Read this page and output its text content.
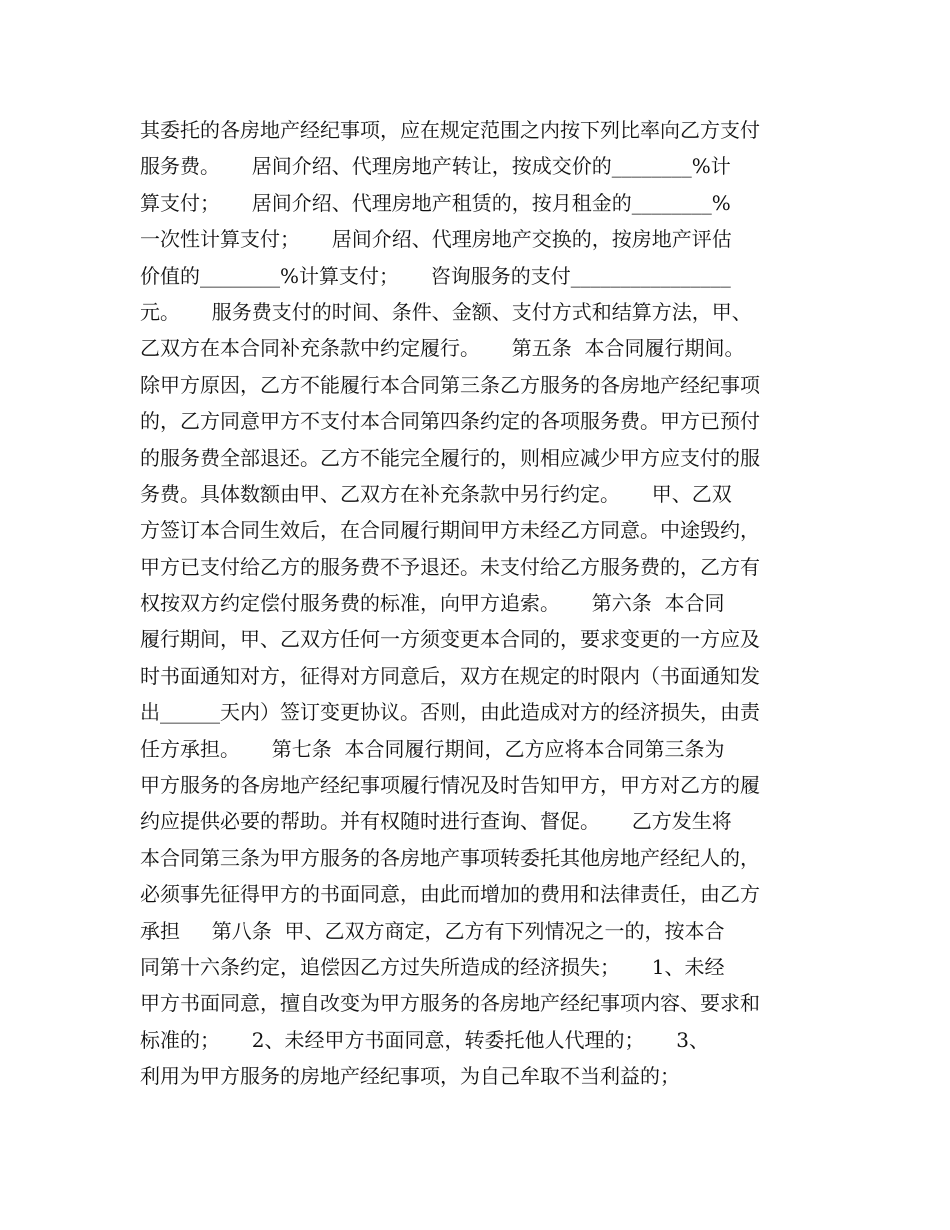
其委托的各房地产经纪事项，应在规定范围之内按下列比率向乙方支付
服务费。     居间介绍、代理房地产转让，按成交价的________%计
算支付；     居间介绍、代理房地产租赁的，按月租金的________%
一次性计算支付；     居间介绍、代理房地产交换的，按房地产评估
价值的________%计算支付；     咨询服务的支付________________
元。     服务费支付的时间、条件、金额、支付方式和结算方法，甲、
乙双方在本合同补充条款中约定履行。     第五条  本合同履行期间。
除甲方原因，乙方不能履行本合同第三条乙方服务的各房地产经纪事项
的，乙方同意甲方不支付本合同第四条约定的各项服务费。甲方已预付
的服务费全部退还。乙方不能完全履行的，则相应减少甲方应支付的服
务费。具体数额由甲、乙双方在补充条款中另行约定。     甲、乙双
方签订本合同生效后，在合同履行期间甲方未经乙方同意。中途毁约，
甲方已支付给乙方的服务费不予退还。未支付给乙方服务费的，乙方有
权按双方约定偿付服务费的标准，向甲方追索。     第六条  本合同
履行期间，甲、乙双方任何一方须变更本合同的，要求变更的一方应及
时书面通知对方，征得对方同意后，双方在规定的时限内（书面通知发
出______天内）签订变更协议。否则，由此造成对方的经济损失，由责
任方承担。     第七条  本合同履行期间，乙方应将本合同第三条为
甲方服务的各房地产经纪事项履行情况及时告知甲方，甲方对乙方的履
约应提供必要的帮助。并有权随时进行查询、督促。     乙方发生将
本合同第三条为甲方服务的各房地产事项转委托其他房地产经纪人的，
必须事先征得甲方的书面同意，由此而增加的费用和法律责任，由乙方
承担     第八条  甲、乙双方商定，乙方有下列情况之一的，按本合
同第十六条约定，追偿因乙方过失所造成的经济损失；     1、未经
甲方书面同意，擅自改变为甲方服务的各房地产经纪事项内容、要求和
标准的；     2、未经甲方书面同意，转委托他人代理的；     3、
利用为甲方服务的房地产经纪事项，为自己牟取不当利益的；
